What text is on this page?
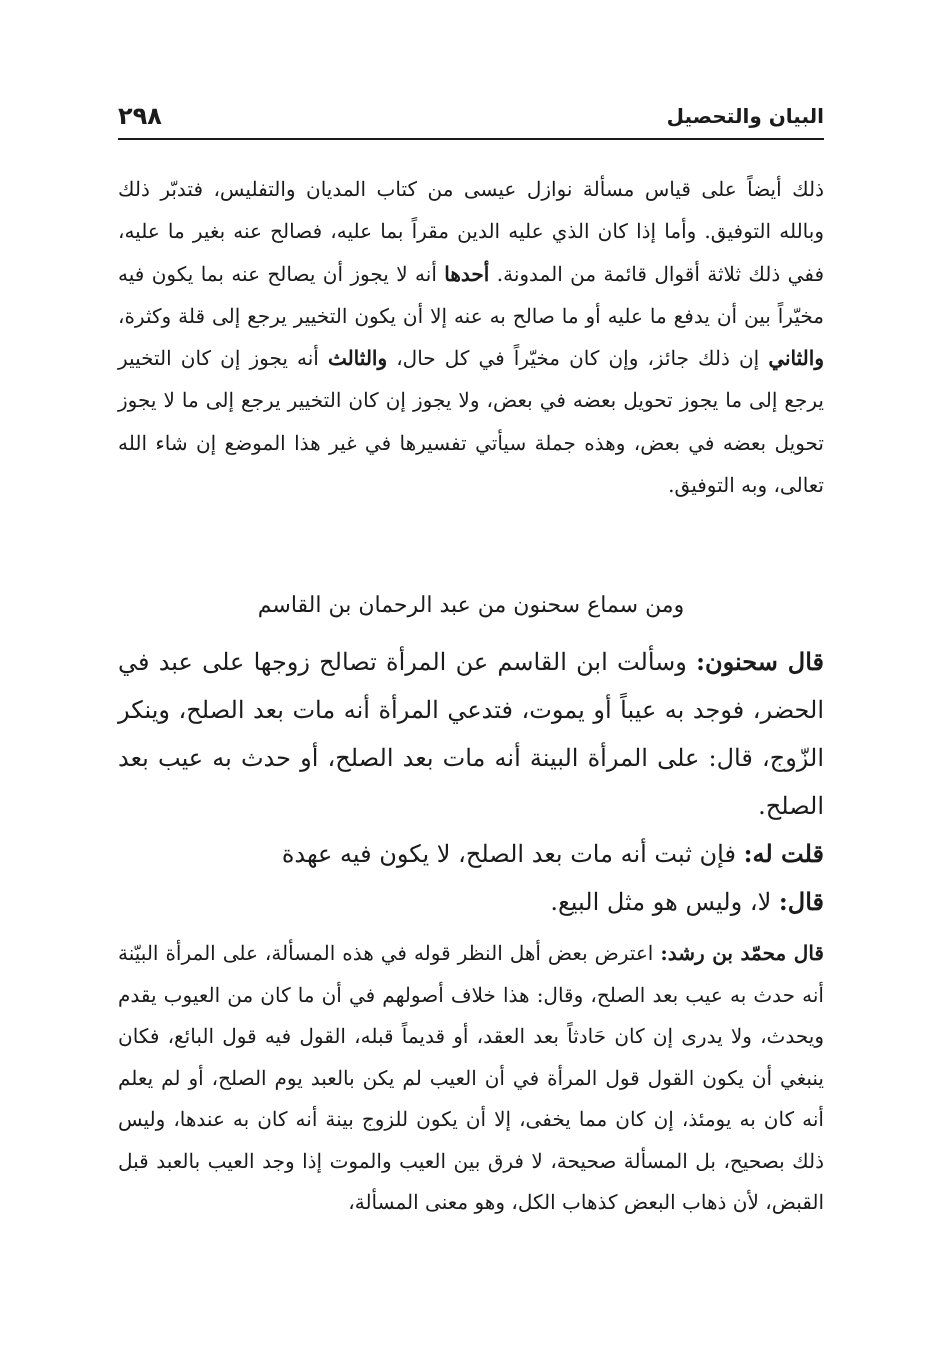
٢٩٨	البيان والتحصيل

ذلك أيضاً على قياس مسألة نوازل عيسى من كتاب المديان والتفليس، فتدبّر ذلك وبالله التوفيق. وأما إذا كان الذي عليه الدين مقراً بما عليه، فصالح عنه بغير ما عليه، ففي ذلك ثلاثة أقوال قائمة من المدونة. أحدها أنه لا يجوز أن يصالح عنه بما يكون فيه مخيّراً بين أن يدفع ما عليه أو ما صالح به عنه إلا أن يكون التخيير يرجع إلى قلة وكثرة، والثاني إن ذلك جائز، وإن كان مخيّراً في كل حال، والثالث أنه يجوز إن كان التخيير يرجع إلى ما يجوز تحويل بعضه في بعض، ولا يجوز إن كان التخيير يرجع إلى ما لا يجوز تحويل بعضه في بعض، وهذه جملة سيأتي تفسيرها في غير هذا الموضع إن شاء الله تعالى، وبه التوفيق.

ومن سماع سحنون من عبد الرحمان بن القاسم

قال سحنون: وسألت ابن القاسم عن المرأة تصالح زوجها على عبد في الحضر، فوجد به عيباً أو يموت، فتدعي المرأة أنه مات بعد الصلح، وينكر الزّوج، قال: على المرأة البينة أنه مات بعد الصلح، أو حدث به عيب بعد الصلح.

قلت له: فإن ثبت أنه مات بعد الصلح، لا يكون فيه عهدة
قال: لا، وليس هو مثل البيع.

قال محمّد بن رشد: اعترض بعض أهل النظر قوله في هذه المسألة، على المرأة البيّنة أنه حدث به عيب بعد الصلح، وقال: هذا خلاف أصولهم في أن ما كان من العيوب يقدم ويحدث، ولا يدرى إن كان حَادثاً بعد العقد، أو قديماً قبله، القول فيه قول البائع، فكان ينبغي أن يكون القول قول المرأة في أن العيب لم يكن بالعبد يوم الصلح، أو لم يعلم أنه كان به يومئذ، إن كان مما يخفى، إلا أن يكون للزوج بينة أنه كان به عندها، وليس ذلك بصحيح، بل المسألة صحيحة، لا فرق بين العيب والموت إذا وجد العيب بالعبد قبل القبض، لأن ذهاب البعض كذهاب الكل، وهو معنى المسألة،
